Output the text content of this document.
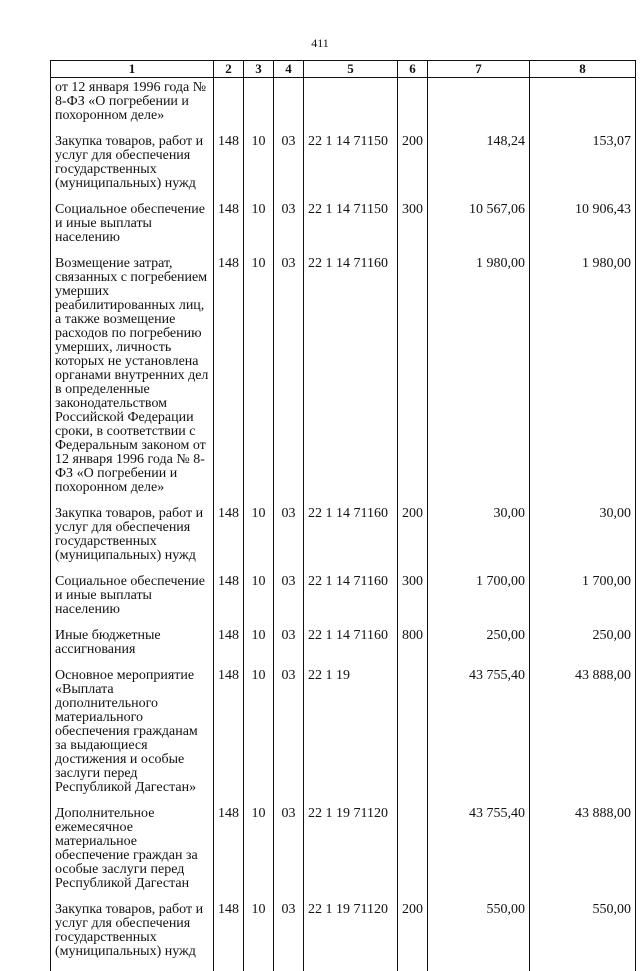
411
1	2	3	4	5	6	7	8
от 12 января 1996 года № 8-ФЗ «О погребении и похоронном деле»							
Закупка товаров, работ и услуг для обеспечения государственных (муниципальных) нужд	148	10	03	22 1 14 71150	200	148,24	153,07
Социальное обеспечение и иные выплаты населению	148	10	03	22 1 14 71150	300	10 567,06	10 906,43
Возмещение затрат, связанных с погребением умерших реабилитированных лиц, а также возмещение расходов по погребению умерших, личность которых не установлена органами внутренних дел в определенные законодательством Российской Федерации сроки, в соответствии с Федеральным законом от 12 января 1996 года № 8-ФЗ «О погребении и похоронном деле»	148	10	03	22 1 14 71160		1 980,00	1 980,00
Закупка товаров, работ и услуг для обеспечения государственных (муниципальных) нужд	148	10	03	22 1 14 71160	200	30,00	30,00
Социальное обеспечение и иные выплаты населению	148	10	03	22 1 14 71160	300	1 700,00	1 700,00
Иные бюджетные ассигнования	148	10	03	22 1 14 71160	800	250,00	250,00
Основное мероприятие «Выплата дополнительного материального обеспечения гражданам за выдающиеся достижения и особые заслуги перед Республикой Дагестан»	148	10	03	22 1 19		43 755,40	43 888,00
Дополнительное ежемесячное материальное обеспечение граждан за особые заслуги перед Республикой Дагестан	148	10	03	22 1 19 71120		43 755,40	43 888,00
Закупка товаров, работ и услуг для обеспечения государственных (муниципальных) нужд	148	10	03	22 1 19 71120	200	550,00	550,00
